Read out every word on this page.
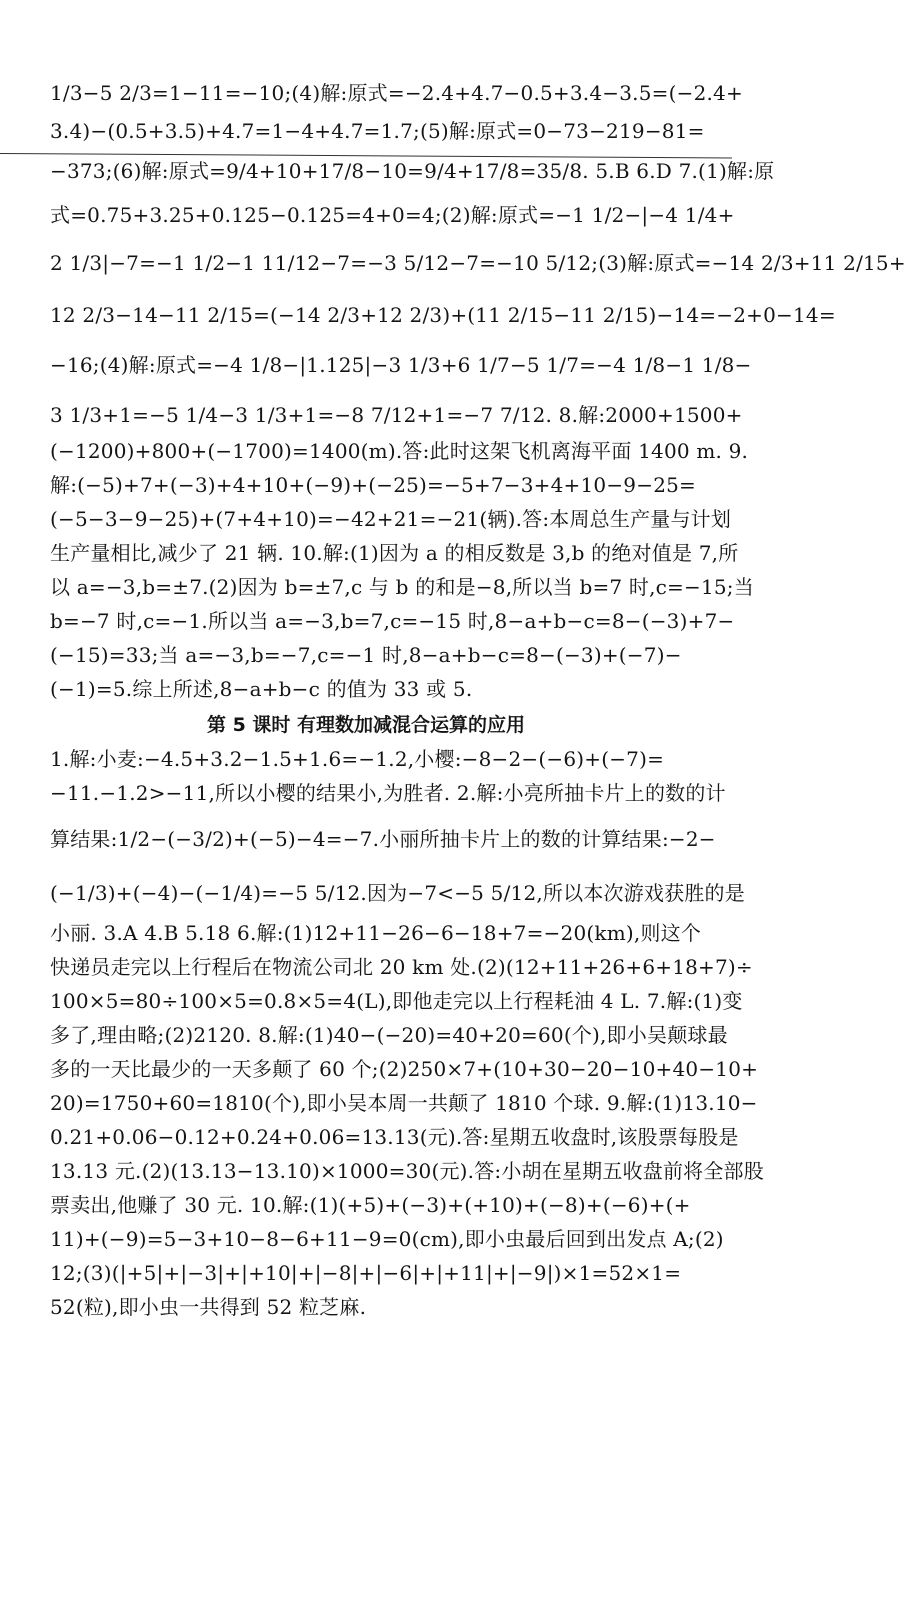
1/3−5 2/3=1−11=−10;(4)解:原式=−2.4+4.7−0.5+3.4−3.5=(−2.4+
3.4)−(0.5+3.5)+4.7=1−4+4.7=1.7;(5)解:原式=0−73−219−81=
−373;(6)解:原式=9/4+10+17/8−10=9/4+17/8=35/8. 5.B 6.D 7.(1)解:原
式=0.75+3.25+0.125−0.125=4+0=4;(2)解:原式=−1 1/2−|−4 1/4+
2 1/3|−7=−1 1/2−1 11/12−7=−3 5/12−7=−10 5/12;(3)解:原式=−14 2/3+11 2/15+
12 2/3−14−11 2/15=(−14 2/3+12 2/3)+(11 2/15−11 2/15)−14=−2+0−14=
−16;(4)解:原式=−4 1/8−|1.125|−3 1/3+6 1/7−5 1/7=−4 1/8−1 1/8−
3 1/3+1=−5 1/4−3 1/3+1=−8 7/12+1=−7 7/12. 8.解:2000+1500+
(−1200)+800+(−1700)=1400(m).答:此时这架飞机离海平面 1400 m. 9.
解:(−5)+7+(−3)+4+10+(−9)+(−25)=−5+7−3+4+10−9−25=
(−5−3−9−25)+(7+4+10)=−42+21=−21(辆).答:本周总生产量与计划
生产量相比,减少了 21 辆. 10.解:(1)因为 a 的相反数是 3,b 的绝对值是 7,所
以 a=−3,b=±7.(2)因为 b=±7,c 与 b 的和是−8,所以当 b=7 时,c=−15;当
b=−7 时,c=−1.所以当 a=−3,b=7,c=−15 时,8−a+b−c=8−(−3)+7−
(−15)=33;当 a=−3,b=−7,c=−1 时,8−a+b−c=8−(−3)+(−7)−
(−1)=5.综上所述,8−a+b−c 的值为 33 或 5.
第 5 课时 有理数加减混合运算的应用
1.解:小麦:−4.5+3.2−1.5+1.6=−1.2,小樱:−8−2−(−6)+(−7)=
−11.−1.2>−11,所以小樱的结果小,为胜者. 2.解:小亮所抽卡片上的数的计
算结果:1/2−(−3/2)+(−5)−4=−7.小丽所抽卡片上的数的计算结果:−2−
(−1/3)+(−4)−(−1/4)=−5 5/12.因为−7<−5 5/12,所以本次游戏获胜的是
小丽. 3.A 4.B 5.18 6.解:(1)12+11−26−6−18+7=−20(km),则这个
快递员走完以上行程后在物流公司北 20 km 处.(2)(12+11+26+6+18+7)÷
100×5=80÷100×5=0.8×5=4(L),即他走完以上行程耗油 4 L. 7.解:(1)变
多了,理由略;(2)2120. 8.解:(1)40−(−20)=40+20=60(个),即小吴颠球最
多的一天比最少的一天多颠了 60 个;(2)250×7+(10+30−20−10+40−10+
20)=1750+60=1810(个),即小吴本周一共颠了 1810 个球. 9.解:(1)13.10−
0.21+0.06−0.12+0.24+0.06=13.13(元).答:星期五收盘时,该股票每股是
13.13 元.(2)(13.13−13.10)×1000=30(元).答:小胡在星期五收盘前将全部股
票卖出,他赚了 30 元. 10.解:(1)(+5)+(−3)+(+10)+(−8)+(−6)+(+
11)+(−9)=5−3+10−8−6+11−9=0(cm),即小虫最后回到出发点 A;(2)
12;(3)(|+5|+|−3|+|+10|+|−8|+|−6|+|+11|+|−9|)×1=52×1=
52(粒),即小虫一共得到 52 粒芝麻.
